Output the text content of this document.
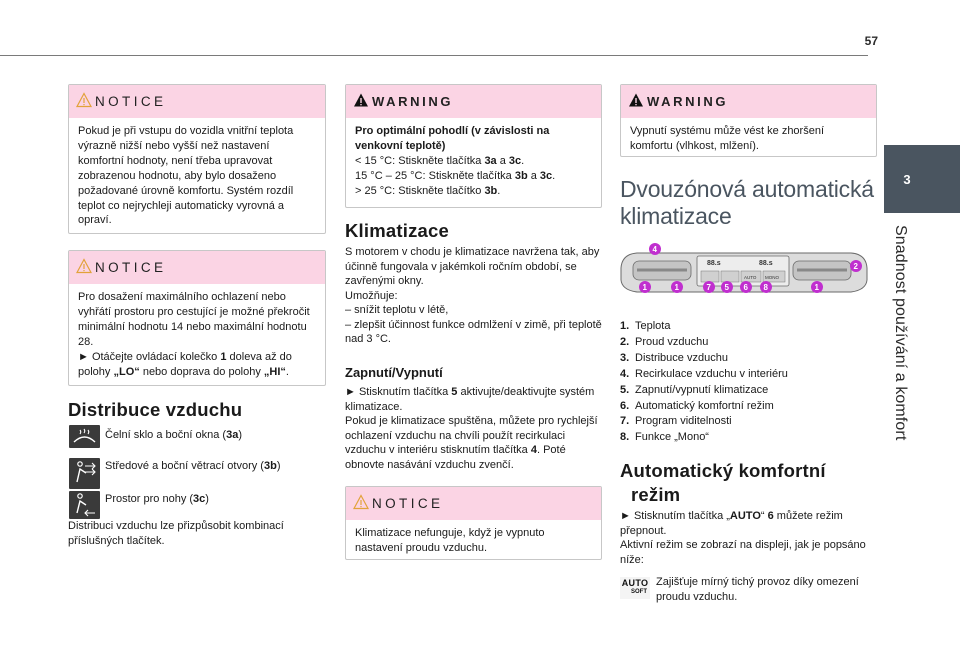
57
3
Snadnost používání a komfort
NOTICE

Pokud je při vstupu do vozidla vnitřní teplota výrazně nižší nebo vyšší než nastavení komfortní hodnoty, není třeba upravovat zobrazenou hodnotu, aby bylo dosaženo požadované úrovně komfortu. Systém rozdíl teplot co nejrychleji automaticky vyrovná a opraví.

NOTICE

Pro dosažení maximálního ochlazení nebo vyhřátí prostoru pro cestující je možné překročit minimální hodnotu 14 nebo maximální hodnotu 28.

► Otáčejte ovládací kolečko 1 doleva až do polohy „LO“ nebo doprava do polohy „HI“.

Distribuce vzduchu
Čelní sklo a boční okna (3a)
Středové a boční větrací otvory (3b)
Prostor pro nohy (3c)
Distribuci vzduchu lze přizpůsobit kombinací příslušných tlačítek.
WARNING

Pro optimální pohodlí (v závislosti na venkovní teplotě)

< 15 °C: Stiskněte tlačítka 3a a 3c.

15 °C – 25 °C: Stiskněte tlačítka 3b a 3c.

> 25 °C: Stiskněte tlačítko 3b.

Klimatizace

S motorem v chodu je klimatizace navržena tak, aby účinně fungovala v jakémkoli ročním období, se zavřenými okny.

Umožňuje:

– snížit teplotu v létě,

– zlepšit účinnost funkce odmlžení v zimě, při teplotě nad 3 °C.

Zapnutí/Vypnutí

► Stisknutím tlačítka 5 aktivujte/deaktivujte systém klimatizace.

Pokud je klimatizace spuštěna, můžete pro rychlejší ochlazení vzduchu na chvíli použít recirkulaci vzduchu v interiéru stisknutím tlačítka 4. Poté obnovte nasávání vzduchu zvenčí.

NOTICE

Klimatizace nefunguje, když je vypnuto nastavení proudu vzduchu.

WARNING

Vypnutí systému může vést ke zhoršení komfortu (vlhkost, mlžení).

Dvouzónová automatická klimatizace
88.s	88.s
AUTO MONO
4
2
1	1	7 5 6 8	1
1. Teplota
2. Proud vzduchu
3. Distribuce vzduchu
4. Recirkulace vzduchu v interiéru
5. Zapnutí/vypnutí klimatizace
6. Automatický komfortní režim
7. Program viditelnosti
8. Funkce „Mono“
Automatický komfortní
režim

► Stisknutím tlačítka „AUTO“ 6 můžete režim přepnout.

Aktivní režim se zobrazí na displeji, jak je popsáno níže:

AUTO
SOFT
Zajišťuje mírný tichý provoz díky omezení proudu vzduchu.
